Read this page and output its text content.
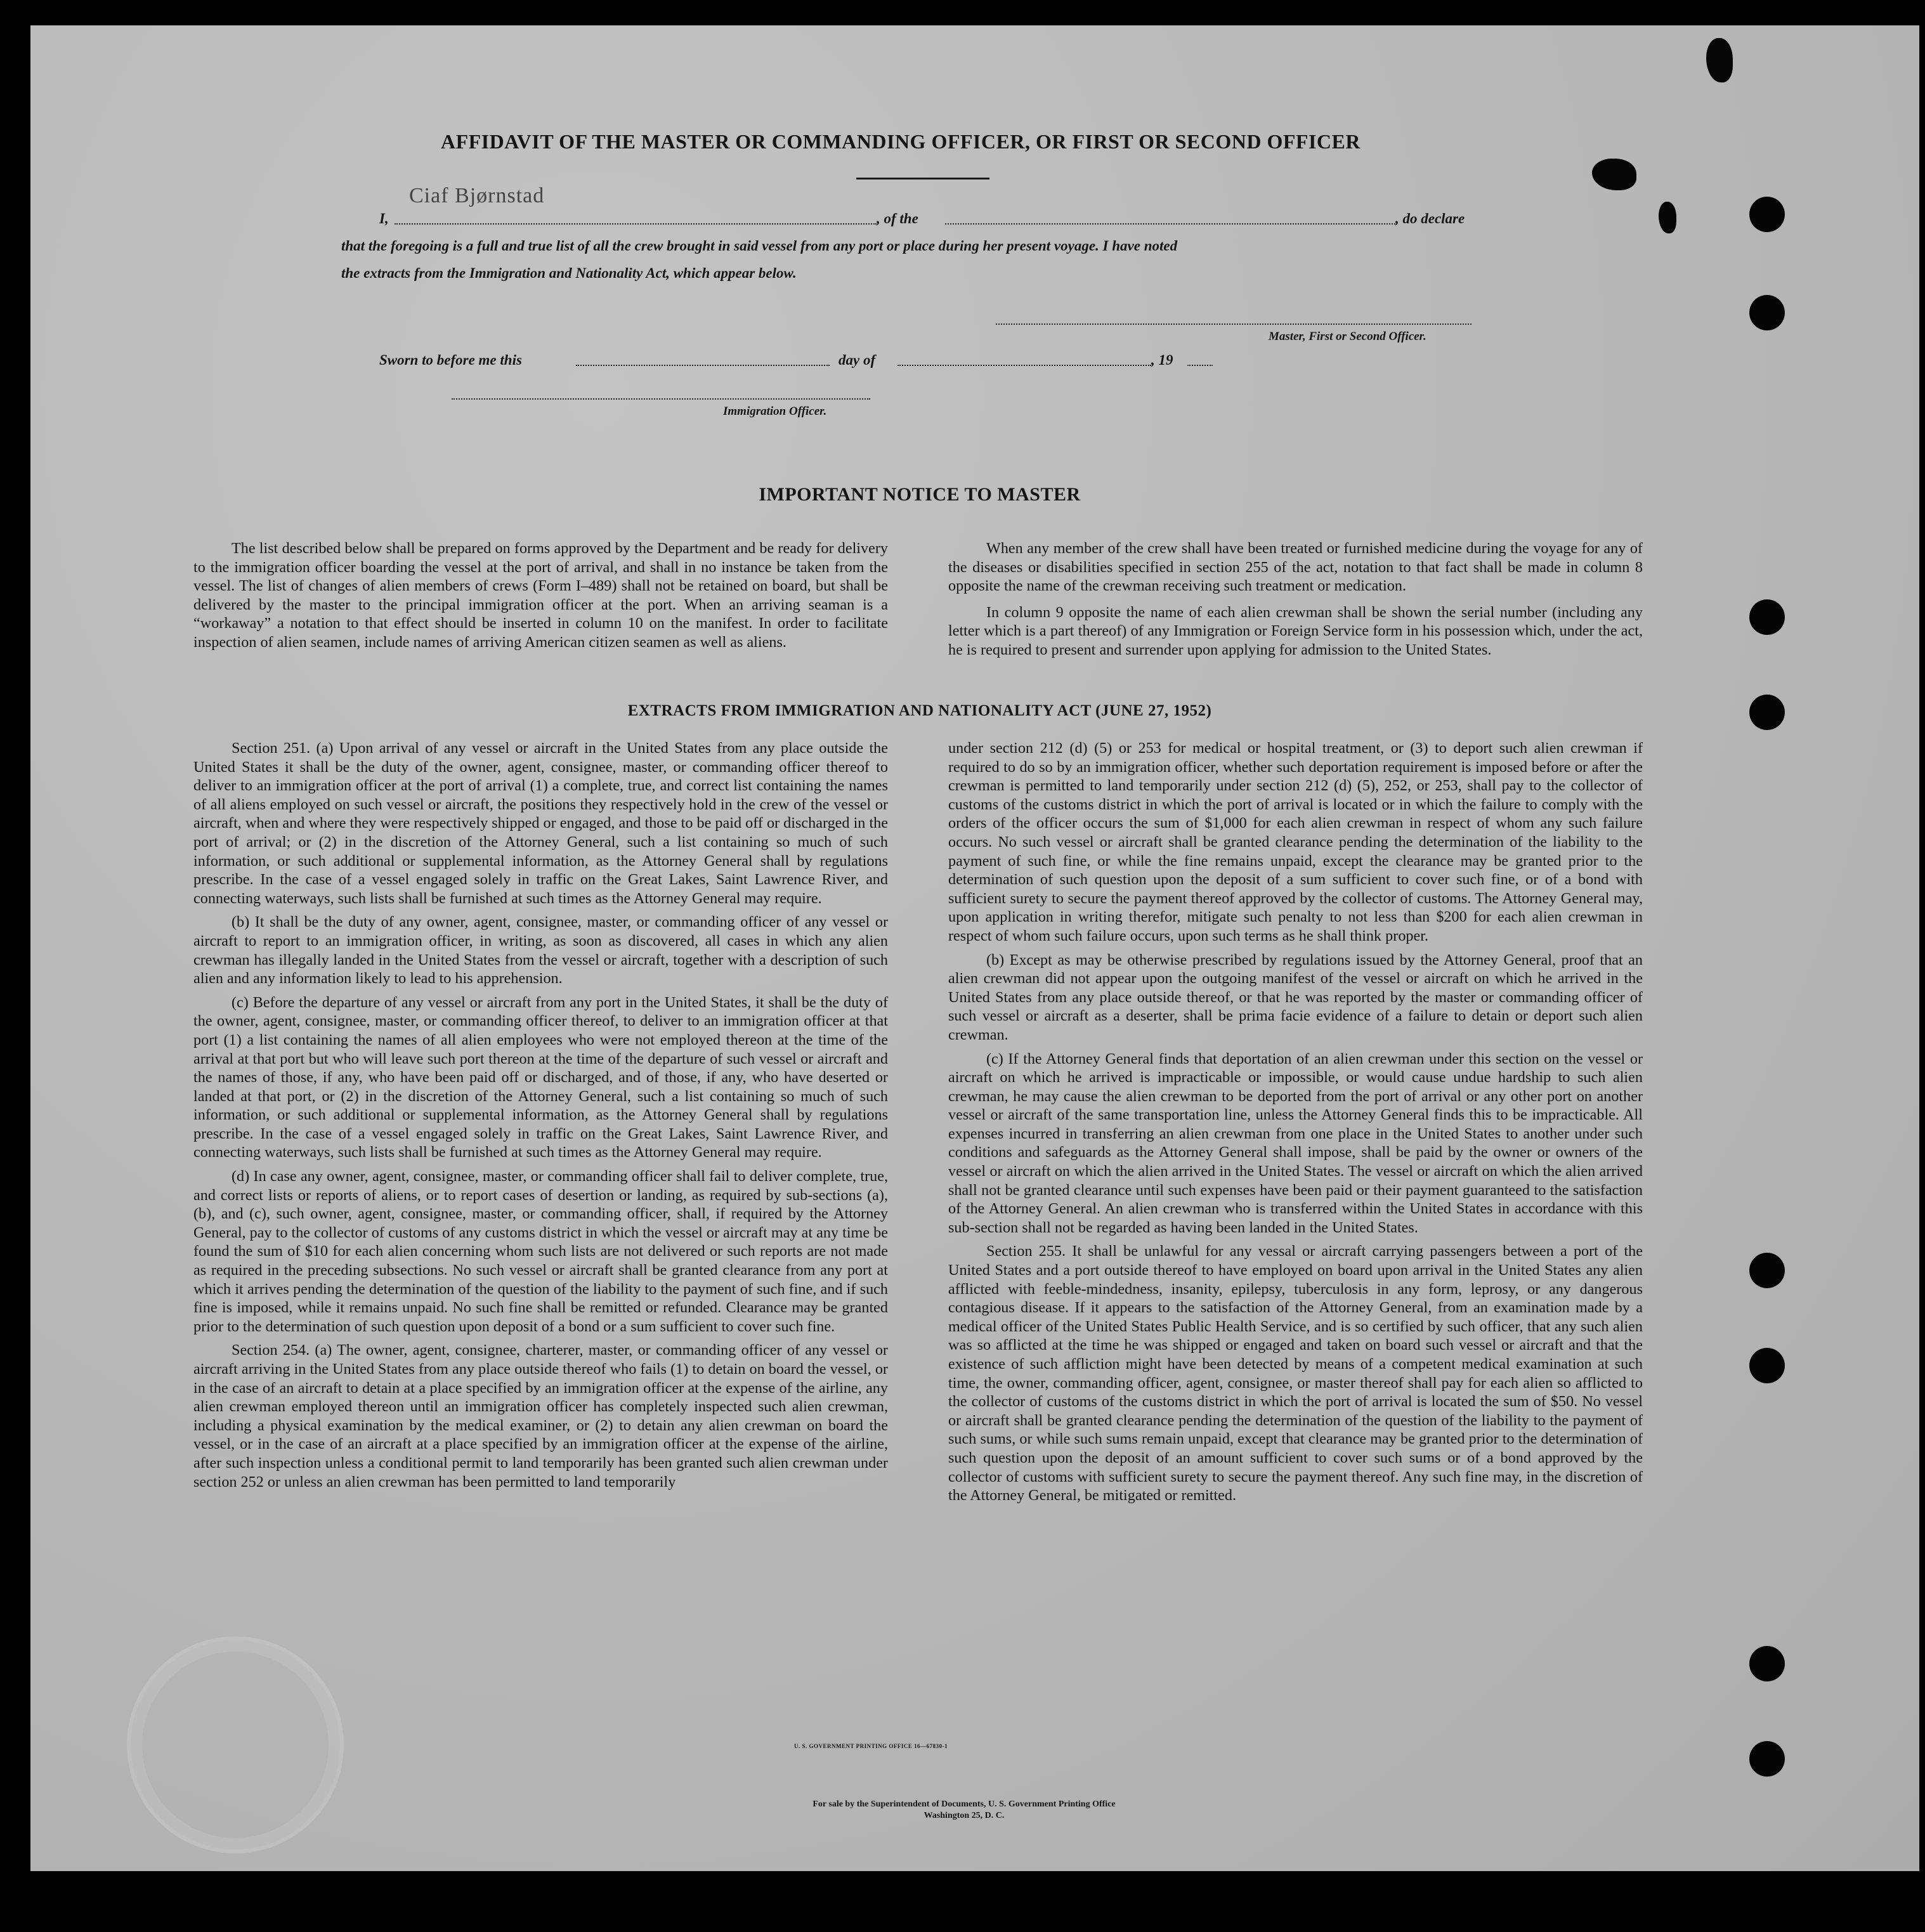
AFFIDAVIT OF THE MASTER OR COMMANDING OFFICER, OR FIRST OR SECOND OFFICER
Ciaf Bjørnstad
I,	, of the	, do declare
that the foregoing is a full and true list of all the crew brought in said vessel from any port or place during her present voyage. I have noted
the extracts from the Immigration and Nationality Act, which appear below.
Master, First or Second Officer.
Sworn to before me this	day of	, 19
Immigration Officer.
IMPORTANT NOTICE TO MASTER

The list described below shall be prepared on forms approved by the Department and be ready for delivery to the immigration officer boarding the vessel at the port of arrival, and shall in no instance be taken from the vessel. The list of changes of alien members of crews (Form I–489) shall not be retained on board, but shall be delivered by the master to the principal immigration officer at the port. When an arriving seaman is a “workaway” a notation to that effect should be inserted in column 10 on the manifest. In order to facilitate inspection of alien seamen, include names of arriving American citizen seamen as well as aliens.

When any member of the crew shall have been treated or furnished medicine during the voyage for any of the diseases or disabilities specified in section 255 of the act, notation to that fact shall be made in column 8 opposite the name of the crewman receiving such treatment or medication.

In column 9 opposite the name of each alien crewman shall be shown the serial number (including any letter which is a part thereof) of any Immigration or Foreign Service form in his possession which, under the act, he is required to present and surrender upon applying for admission to the United States.

EXTRACTS FROM IMMIGRATION AND NATIONALITY ACT (JUNE 27, 1952)

Section 251. (a) Upon arrival of any vessel or aircraft in the United States from any place outside the United States it shall be the duty of the owner, agent, consignee, master, or commanding officer thereof to deliver to an immigration officer at the port of arrival (1) a complete, true, and correct list containing the names of all aliens employed on such vessel or aircraft, the positions they respectively hold in the crew of the vessel or aircraft, when and where they were respectively shipped or engaged, and those to be paid off or discharged in the port of arrival; or (2) in the discretion of the Attorney General, such a list containing so much of such information, or such additional or supplemental information, as the Attorney General shall by regulations prescribe. In the case of a vessel engaged solely in traffic on the Great Lakes, Saint Lawrence River, and connecting waterways, such lists shall be furnished at such times as the Attorney General may require.

(b) It shall be the duty of any owner, agent, consignee, master, or commanding officer of any vessel or aircraft to report to an immigration officer, in writing, as soon as discovered, all cases in which any alien crewman has illegally landed in the United States from the vessel or aircraft, together with a description of such alien and any information likely to lead to his apprehension.

(c) Before the departure of any vessel or aircraft from any port in the United States, it shall be the duty of the owner, agent, consignee, master, or commanding officer thereof, to deliver to an immigration officer at that port (1) a list containing the names of all alien employees who were not employed thereon at the time of the arrival at that port but who will leave such port thereon at the time of the departure of such vessel or aircraft and the names of those, if any, who have been paid off or discharged, and of those, if any, who have deserted or landed at that port, or (2) in the discretion of the Attorney General, such a list containing so much of such information, or such additional or supplemental information, as the Attorney General shall by regulations prescribe. In the case of a vessel engaged solely in traffic on the Great Lakes, Saint Lawrence River, and connecting waterways, such lists shall be furnished at such times as the Attorney General may require.

(d) In case any owner, agent, consignee, master, or commanding officer shall fail to deliver complete, true, and correct lists or reports of aliens, or to report cases of desertion or landing, as required by sub-sections (a), (b), and (c), such owner, agent, consignee, master, or commanding officer, shall, if required by the Attorney General, pay to the collector of customs of any customs district in which the vessel or aircraft may at any time be found the sum of $10 for each alien concerning whom such lists are not delivered or such reports are not made as required in the preceding subsections. No such vessel or aircraft shall be granted clearance from any port at which it arrives pending the determination of the question of the liability to the payment of such fine, and if such fine is imposed, while it remains unpaid. No such fine shall be remitted or refunded. Clearance may be granted prior to the determination of such question upon deposit of a bond or a sum sufficient to cover such fine.

Section 254. (a) The owner, agent, consignee, charterer, master, or commanding officer of any vessel or aircraft arriving in the United States from any place outside thereof who fails (1) to detain on board the vessel, or in the case of an aircraft to detain at a place specified by an immigration officer at the expense of the airline, any alien crewman employed thereon until an immigration officer has completely inspected such alien crewman, including a physical examination by the medical examiner, or (2) to detain any alien crewman on board the vessel, or in the case of an aircraft at a place specified by an immigration officer at the expense of the airline, after such inspection unless a conditional permit to land temporarily has been granted such alien crewman under section 252 or unless an alien crewman has been permitted to land temporarily

under section 212 (d) (5) or 253 for medical or hospital treatment, or (3) to deport such alien crewman if required to do so by an immigration officer, whether such deportation requirement is imposed before or after the crewman is permitted to land temporarily under section 212 (d) (5), 252, or 253, shall pay to the collector of customs of the customs district in which the port of arrival is located or in which the failure to comply with the orders of the officer occurs the sum of $1,000 for each alien crewman in respect of whom any such failure occurs. No such vessel or aircraft shall be granted clearance pending the determination of the liability to the payment of such fine, or while the fine remains unpaid, except the clearance may be granted prior to the determination of such question upon the deposit of a sum sufficient to cover such fine, or of a bond with sufficient surety to secure the payment thereof approved by the collector of customs. The Attorney General may, upon application in writing therefor, mitigate such penalty to not less than $200 for each alien crewman in respect of whom such failure occurs, upon such terms as he shall think proper.

(b) Except as may be otherwise prescribed by regulations issued by the Attorney General, proof that an alien crewman did not appear upon the outgoing manifest of the vessel or aircraft on which he arrived in the United States from any place outside thereof, or that he was reported by the master or commanding officer of such vessel or aircraft as a deserter, shall be prima facie evidence of a failure to detain or deport such alien crewman.

(c) If the Attorney General finds that deportation of an alien crewman under this section on the vessel or aircraft on which he arrived is impracticable or impossible, or would cause undue hardship to such alien crewman, he may cause the alien crewman to be deported from the port of arrival or any other port on another vessel or aircraft of the same transportation line, unless the Attorney General finds this to be impracticable. All expenses incurred in transferring an alien crewman from one place in the United States to another under such conditions and safeguards as the Attorney General shall impose, shall be paid by the owner or owners of the vessel or aircraft on which the alien arrived in the United States. The vessel or aircraft on which the alien arrived shall not be granted clearance until such expenses have been paid or their payment guaranteed to the satisfaction of the Attorney General. An alien crewman who is transferred within the United States in accordance with this sub-section shall not be regarded as having been landed in the United States.

Section 255. It shall be unlawful for any vessal or aircraft carrying passengers between a port of the United States and a port outside thereof to have employed on board upon arrival in the United States any alien afflicted with feeble-mindedness, insanity, epilepsy, tuberculosis in any form, leprosy, or any dangerous contagious disease. If it appears to the satisfaction of the Attorney General, from an examination made by a medical officer of the United States Public Health Service, and is so certified by such officer, that any such alien was so afflicted at the time he was shipped or engaged and taken on board such vessel or aircraft and that the existence of such affliction might have been detected by means of a competent medical examination at such time, the owner, commanding officer, agent, consignee, or master thereof shall pay for each alien so afflicted to the collector of customs of the customs district in which the port of arrival is located the sum of $50. No vessel or aircraft shall be granted clearance pending the determination of the question of the liability to the payment of such sums, or while such sums remain unpaid, except that clearance may be granted prior to the determination of such question upon the deposit of an amount sufficient to cover such sums or of a bond approved by the collector of customs with sufficient surety to secure the payment thereof. Any such fine may, in the discretion of the Attorney General, be mitigated or remitted.

U. S. GOVERNMENT PRINTING OFFICE 16—67830-1
For sale by the Superintendent of Documents, U. S. Government Printing Office
Washington 25, D. C.
